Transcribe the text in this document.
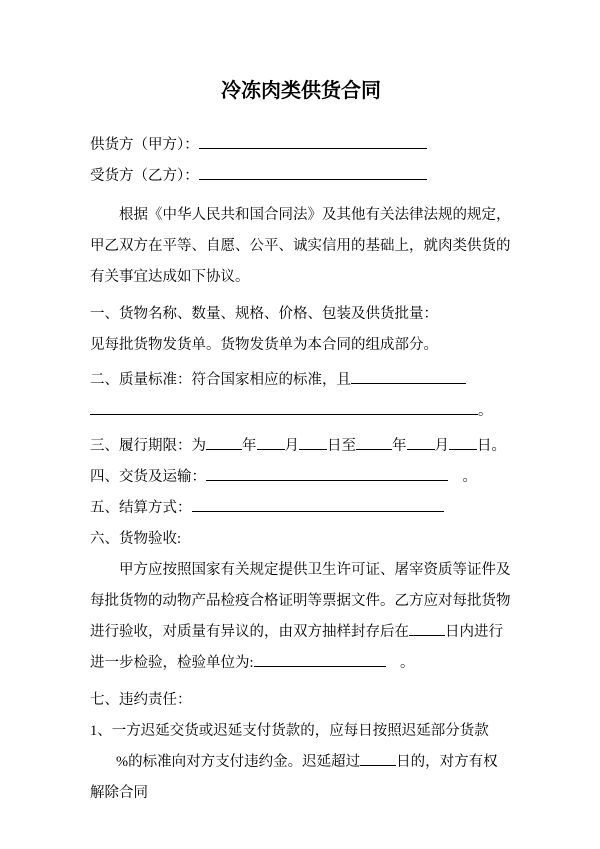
冷冻肉类供货合同
供货方（甲方）：
受货方（乙方）：

根据《中华人民共和国合同法》及其他有关法律法规的规定，甲乙双方在平等、自愿、公平、诚实信用的基础上，就肉类供货的有关事宜达成如下协议。

一、货物名称、数量、规格、价格、包装及供货批量：
见每批货物发货单。货物发货单为本合同的组成部分。
二、质量标准：符合国家相应的标准，且
。
三、履行期限：为 年 月 日至 年 月 日。
四、交货及运输：	　。
五、结算方式：
六、货物验收:

甲方应按照国家有关规定提供卫生许可证、屠宰资质等证件及每批货物的动物产品检疫合格证明等票据文件。乙方应对每批货物进行验收，对质量有异议的，由双方抽样封存后在 日内进行进一步检验，检验单位为:	　。

七、违约责任：

1、一方迟延交货或迟延支付货款的，应每日按照迟延部分货款%的标准向对方支付违约金。迟延超过 日的，对方有权解除合同
